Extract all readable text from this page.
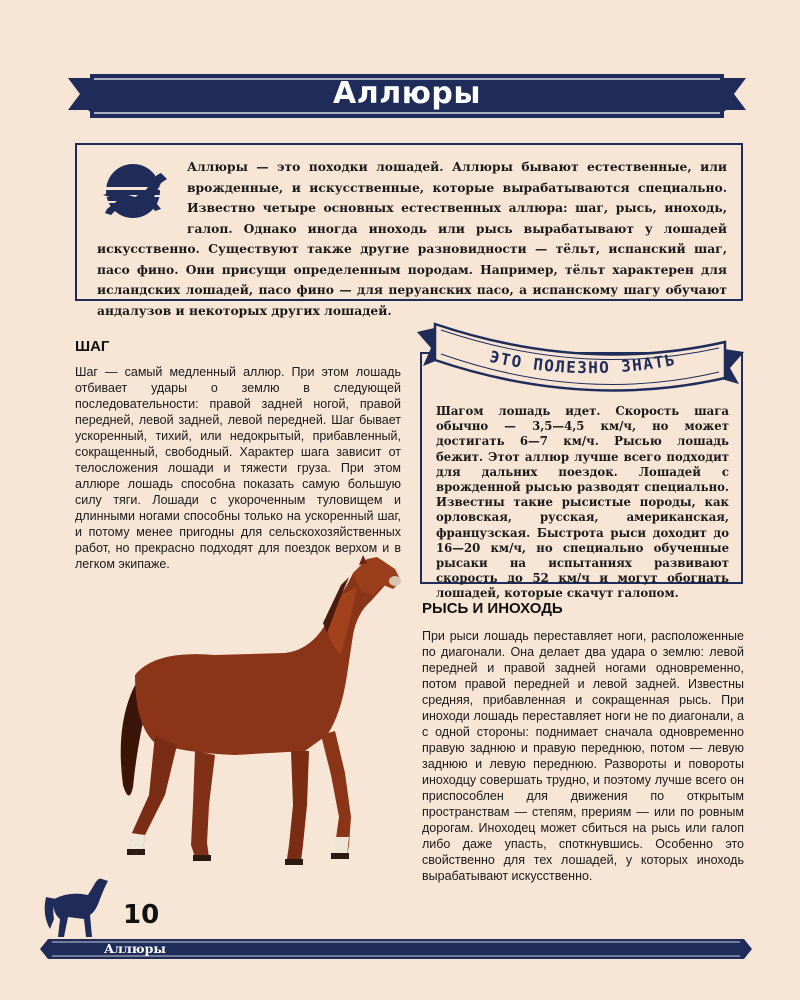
Аллюры
Аллюры — это походки лошадей. Аллюры бывают естественные, или врожденные, и искусственные, которые вырабатываются специально. Известно четыре основных естественных аллюра: шаг, рысь, иноходь, галоп. Однако иногда иноходь или рысь вырабатывают у лошадей искусственно. Существуют также другие разновидности — тёльт, испанский шаг, пасо фино. Они присущи определенным породам. Например, тёльт характерен для исландских лошадей, пасо фино — для перуанских пасо, а испанскому шагу обучают андалузов и некоторых других лошадей.
ШАГ
Шаг — самый медленный аллюр. При этом лошадь отбивает удары о землю в следующей последовательности: правой задней ногой, правой передней, левой задней, левой передней. Шаг бывает ускоренный, тихий, или недокрытый, прибавленный, сокращенный, свободный. Характер шага зависит от телосложения лошади и тяжести груза. При этом аллюре лошадь способна показать самую большую силу тяги. Лошади с укороченным туловищем и длинными ногами способны только на ускоренный шаг, и потому менее пригодны для сельскохозяйственных работ, но прекрасно подходят для поездок верхом и в легком экипаже.
Шагом лошадь идет. Скорость шага обычно — 3,5—4,5 км/ч, но может достигать 6—7 км/ч. Рысью лошадь бежит. Этот аллюр лучше всего подходит для дальних поездок. Лошадей с врожденной рысью разводят специально. Известны такие рысистые породы, как орловская, русская, американская, французская. Быстрота рыси доходит до 16—20 км/ч, но специально обученные рысаки на испытаниях развивают скорость до 52 км/ч и могут обогнать лошадей, которые скачут галопом.
ЭТО ПОЛЕЗНО ЗНАТЬ
РЫСЬ И ИНОХОДЬ
При рыси лошадь переставляет ноги, расположенные по диагонали. Она делает два удара о землю: левой передней и правой задней ногами одновременно, потом правой передней и левой задней. Известны средняя, прибавленная и сокращенная рысь. При иноходи лошадь переставляет ноги не по диагонали, а с одной стороны: поднимает сначала одновременно правую заднюю и правую переднюю, потом — левую заднюю и левую переднюю. Развороты и повороты иноходцу совершать трудно, и поэтому лучше всего он приспособлен для движения по открытым пространствам — степям, прериям — или по ровным дорогам. Иноходец может сбиться на рысь или галоп либо даже упасть, споткнувшись. Особенно это свойственно для тех лошадей, у которых иноходь вырабатывают искусственно.
10
Аллюры
